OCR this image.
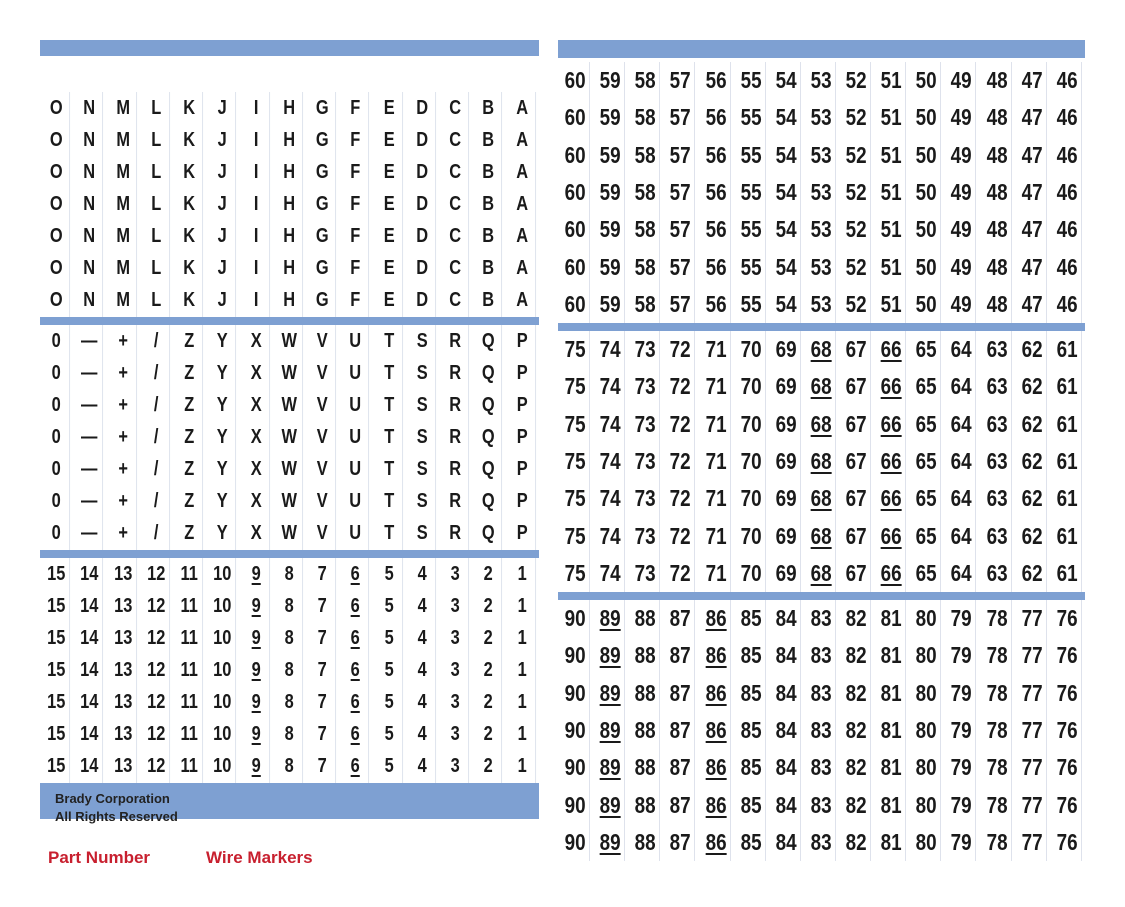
O	N	M	L	K	J	I	H	G	F	E	D	C	B	A
O	N	M	L	K	J	I	H	G	F	E	D	C	B	A
O	N	M	L	K	J	I	H	G	F	E	D	C	B	A
O	N	M	L	K	J	I	H	G	F	E	D	C	B	A
O	N	M	L	K	J	I	H	G	F	E	D	C	B	A
O	N	M	L	K	J	I	H	G	F	E	D	C	B	A
O	N	M	L	K	J	I	H	G	F	E	D	C	B	A
0	—	+	/	Z	Y	X	W	V	U	T	S	R	Q	P
0	—	+	/	Z	Y	X	W	V	U	T	S	R	Q	P
0	—	+	/	Z	Y	X	W	V	U	T	S	R	Q	P
0	—	+	/	Z	Y	X	W	V	U	T	S	R	Q	P
0	—	+	/	Z	Y	X	W	V	U	T	S	R	Q	P
0	—	+	/	Z	Y	X	W	V	U	T	S	R	Q	P
0	—	+	/	Z	Y	X	W	V	U	T	S	R	Q	P
15 14 13 12 11 10 9	8	7	6	5	4	3	2	1
15 14 13 12 11 10 9	8	7	6	5	4	3	2	1
15 14 13 12 11 10 9	8	7	6	5	4	3	2	1
15 14 13 12 11 10 9	8	7	6	5	4	3	2	1
15 14 13 12 11 10 9	8	7	6	5	4	3	2	1
15 14 13 12 11 10 9	8	7	6	5	4	3	2	1
15 14 13 12 11 10 9	8	7	6	5	4	3	2	1
Brady Corporation
All Rights Reserved
Part Number	Wire Markers
60 59 58 57 56 55 54 53 52 51 50 49 48 47 46
60 59 58 57 56 55 54 53 52 51 50 49 48 47 46
60 59 58 57 56 55 54 53 52 51 50 49 48 47 46
60 59 58 57 56 55 54 53 52 51 50 49 48 47 46
60 59 58 57 56 55 54 53 52 51 50 49 48 47 46
60 59 58 57 56 55 54 53 52 51 50 49 48 47 46
60 59 58 57 56 55 54 53 52 51 50 49 48 47 46
75 74 73 72 71 70 69 68 67 66 65 64 63 62 61
75 74 73 72 71 70 69 68 67 66 65 64 63 62 61
75 74 73 72 71 70 69 68 67 66 65 64 63 62 61
75 74 73 72 71 70 69 68 67 66 65 64 63 62 61
75 74 73 72 71 70 69 68 67 66 65 64 63 62 61
75 74 73 72 71 70 69 68 67 66 65 64 63 62 61
75 74 73 72 71 70 69 68 67 66 65 64 63 62 61
90 89 88 87 86 85 84 83 82 81 80 79 78 77 76
90 89 88 87 86 85 84 83 82 81 80 79 78 77 76
90 89 88 87 86 85 84 83 82 81 80 79 78 77 76
90 89 88 87 86 85 84 83 82 81 80 79 78 77 76
90 89 88 87 86 85 84 83 82 81 80 79 78 77 76
90 89 88 87 86 85 84 83 82 81 80 79 78 77 76
90 89 88 87 86 85 84 83 82 81 80 79 78 77 76
